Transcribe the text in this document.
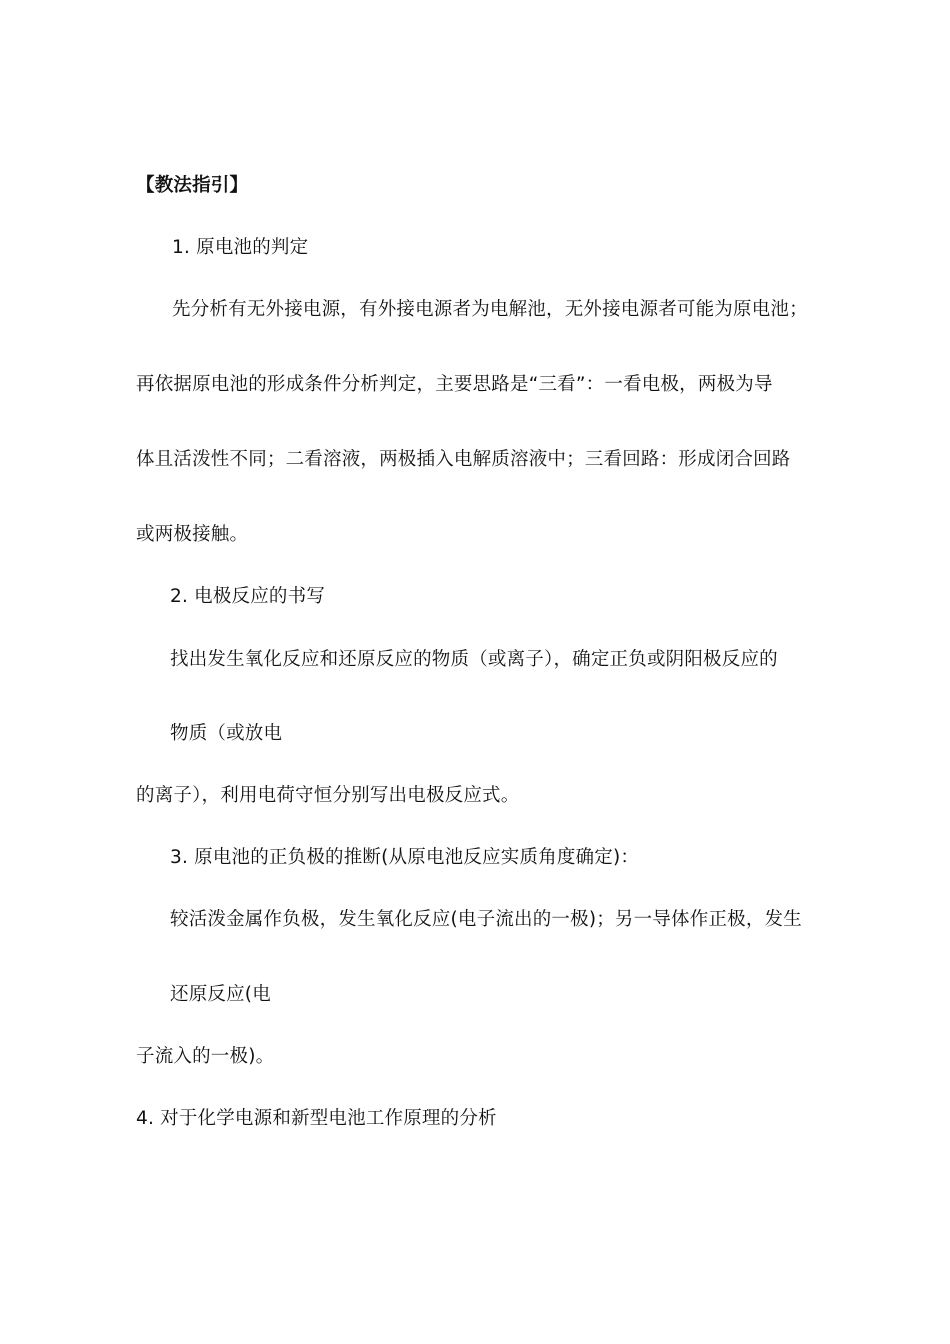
【教法指引】
1. 原电池的判定
先分析有无外接电源，有外接电源者为电解池，无外接电源者可能为原电池；
再依据原电池的形成条件分析判定，主要思路是“三看”：一看电极，两极为导
体且活泼性不同；二看溶液，两极插入电解质溶液中；三看回路：形成闭合回路
或两极接触。
2. 电极反应的书写
找出发生氧化反应和还原反应的物质（或离子），确定正负或阴阳极反应的
物质（或放电
的离子），利用电荷守恒分别写出电极反应式。
3. 原电池的正负极的推断(从原电池反应实质角度确定)：
较活泼金属作负极，发生氧化反应(电子流出的一极)；另一导体作正极，发生
还原反应(电
子流入的一极)。
4. 对于化学电源和新型电池工作原理的分析
